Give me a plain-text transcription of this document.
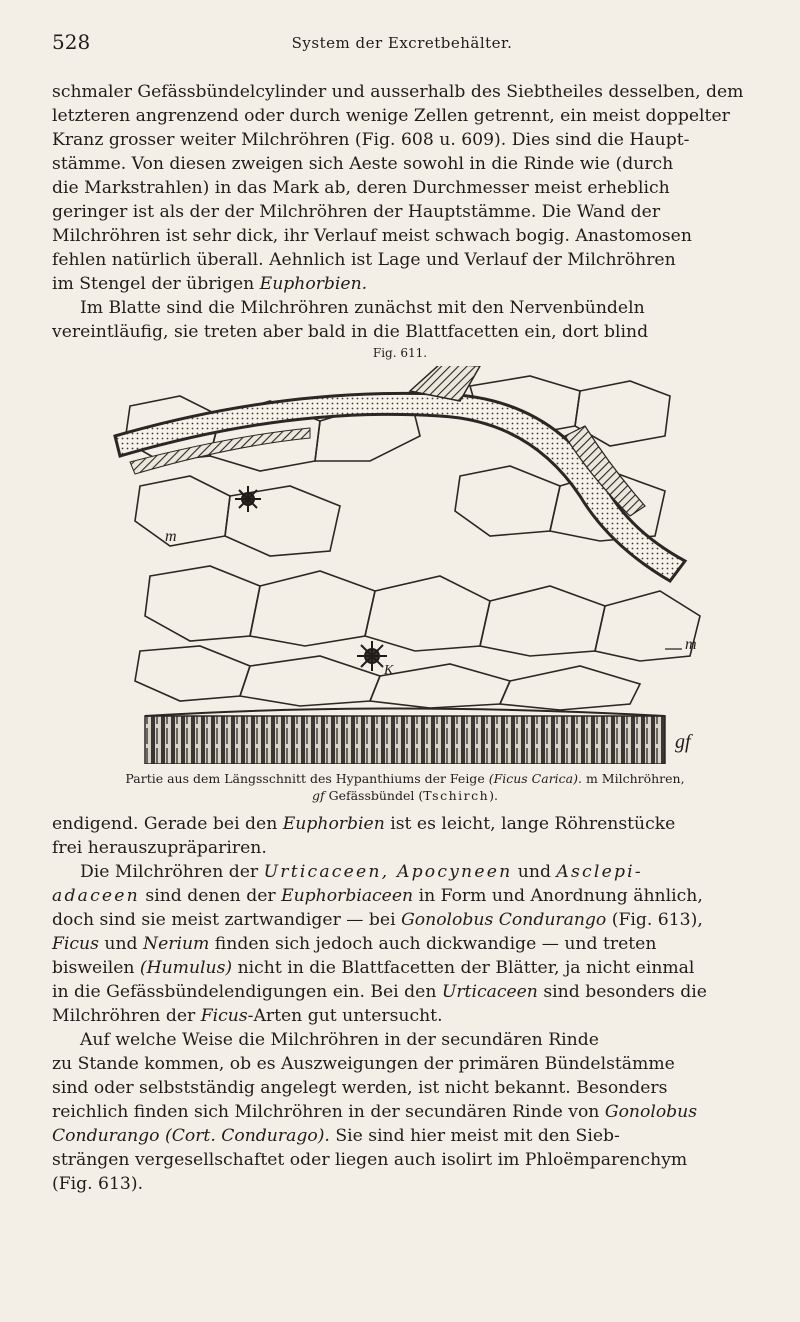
528	System der Excretbehälter.

schmaler Gefässbündelcylinder und ausserhalb des Siebtheiles desselben, dem

letzteren angrenzend oder durch wenige Zellen getrennt, ein meist doppelter

Kranz grosser weiter Milchröhren (Fig. 608 u. 609). Dies sind die Haupt-

stämme. Von diesen zweigen sich Aeste sowohl in die Rinde wie (durch

die Markstrahlen) in das Mark ab, deren Durchmesser meist erheblich

geringer ist als der der Milchröhren der Hauptstämme. Die Wand der

Milchröhren ist sehr dick, ihr Verlauf meist schwach bogig. Anastomosen

fehlen natürlich überall. Aehnlich ist Lage und Verlauf der Milchröhren

im Stengel der übrigen Euphorbien.

Im Blatte sind die Milchröhren zunächst mit den Nervenbündeln

vereintläufig, sie treten aber bald in die Blattfacetten ein, dort blind

Fig. 611.
m
m
K
gf
Partie aus dem Längsschnitt des Hypanthiums der Feige (Ficus Carica). m Milchröhren,
gf Gefässbündel (Tschirch).

endigend. Gerade bei den Euphorbien ist es leicht, lange Röhrenstücke

frei herauszupräpariren.

Die Milchröhren der Urticaceen, Apocyneen und Asclepi-

adaceen sind denen der Euphorbiaceen in Form und Anordnung ähnlich,

doch sind sie meist zartwandiger — bei Gonolobus Condurango (Fig. 613),

Ficus und Nerium finden sich jedoch auch dickwandige — und treten

bisweilen (Humulus) nicht in die Blattfacetten der Blätter, ja nicht einmal

in die Gefässbündelendigungen ein. Bei den Urticaceen sind besonders die

Milchröhren der Ficus-Arten gut untersucht.

Auf welche Weise die Milchröhren in der secundären Rinde

zu Stande kommen, ob es Auszweigungen der primären Bündelstämme

sind oder selbstständig angelegt werden, ist nicht bekannt. Besonders

reichlich finden sich Milchröhren in der secundären Rinde von Gonolobus

Condurango (Cort. Condurago). Sie sind hier meist mit den Sieb-

strängen vergesellschaftet oder liegen auch isolirt im Phloëmparenchym

(Fig. 613).
